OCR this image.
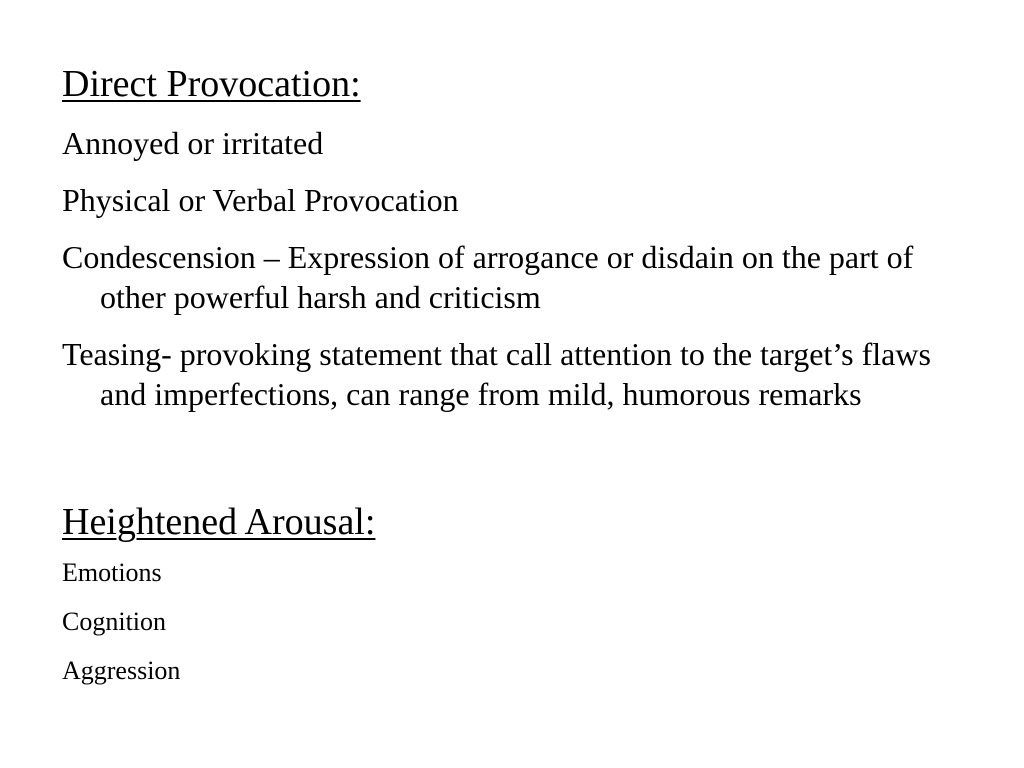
Direct Provocation:
Annoyed or irritated
Physical or Verbal Provocation
Condescension – Expression of arrogance or disdain on the part of other powerful harsh and criticism
Teasing- provoking statement that call attention to the target’s flaws and imperfections, can range from mild, humorous remarks
Heightened Arousal:
Emotions
Cognition
Aggression
